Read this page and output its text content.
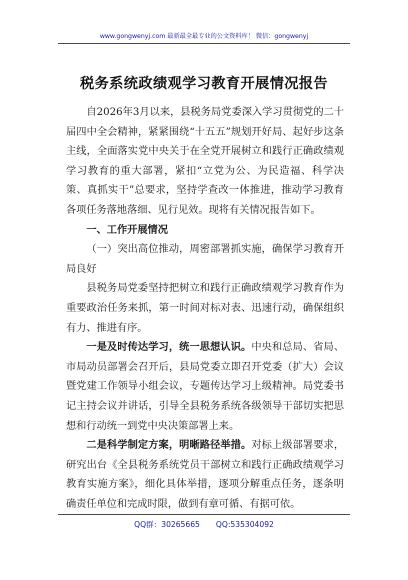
www.gongwenyj.com 最新最全最专业的公文资料库！ 微信：gongwenyj
税务系统政绩观学习教育开展情况报告

自2026年3月以来，县税务局党委深入学习贯彻党的二十届四中全会精神，紧紧围绕“十五五”规划开好局、起好步这条主线，全面落实党中央关于在全党开展树立和践行正确政绩观学习教育的重大部署，紧扣“立党为公、为民造福、科学决策、真抓实干”总要求，坚持学查改一体推进，推动学习教育各项任务落地落细、见行见效。现将有关情况报告如下。

一、工作开展情况

（一）突出高位推动，周密部署抓实施，确保学习教育开局良好

县税务局党委坚持把树立和践行正确政绩观学习教育作为重要政治任务来抓，第一时间对标对表、迅速行动，确保组织有力、推进有序。

一是及时传达学习，统一思想认识。中央和总局、省局、市局动员部署会召开后，县局党委立即召开党委（扩大）会议暨党建工作领导小组会议，专题传达学习上级精神。局党委书记主持会议并讲话，引导全县税务系统各级领导干部切实把思想和行动统一到党中央决策部署上来。

二是科学制定方案，明晰路径举措。对标上级部署要求，研究出台《全县税务系统党员干部树立和践行正确政绩观学习教育实施方案》，细化具体举措，逐项分解重点任务，逐条明确责任单位和完成时限，做到有章可循、有据可依。

QQ群：30265665 QQ:535304092
